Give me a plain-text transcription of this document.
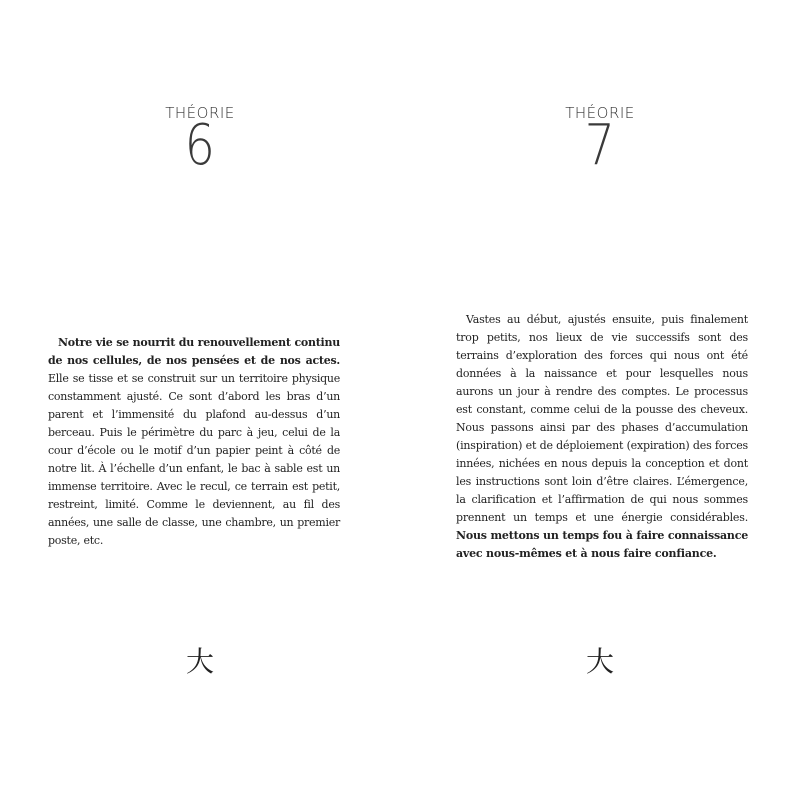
THÉORIE
6

Notre vie se nourrit du renouvellement continu de nos cellules, de nos pensées et de nos actes. Elle se tisse et se construit sur un territoire physique constamment ajusté. Ce sont d’abord les bras d’un parent et l’immensité du plafond au-dessus d’un berceau. Puis le périmètre du parc à jeu, celui de la cour d’école ou le motif d’un papier peint à côté de notre lit. À l’échelle d’un enfant, le bac à sable est un immense territoire. Avec le recul, ce terrain est petit, restreint, limité. Comme le deviennent, au fil des années, une salle de classe, une chambre, un premier poste, etc.

大
THÉORIE
7

Vastes au début, ajustés ensuite, puis finalement trop petits, nos lieux de vie successifs sont des terrains d’exploration des forces qui nous ont été données à la naissance et pour lesquelles nous aurons un jour à rendre des comptes. Le processus est constant, comme celui de la pousse des cheveux. Nous passons ainsi par des phases d’accumulation (inspiration) et de déploiement (expiration) des forces innées, nichées en nous depuis la conception et dont les instructions sont loin d’être claires. L’émergence, la clarification et l’affirmation de qui nous sommes prennent un temps et une énergie considérables. Nous mettons un temps fou à faire connaissance avec nous-mêmes et à nous faire confiance.

大
